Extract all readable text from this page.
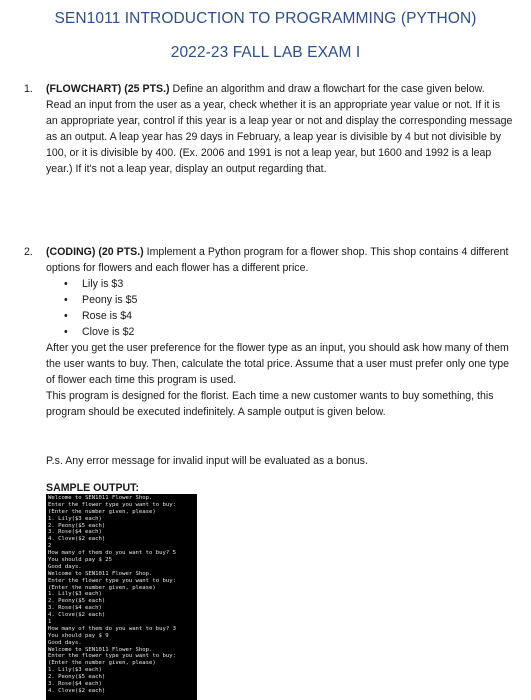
SEN1011 INTRODUCTION TO PROGRAMMING (PYTHON)
2022-23 FALL LAB EXAM I
1. (FLOWCHART) (25 PTS.) Define an algorithm and draw a flowchart for the case given below.

Read an input from the user as a year, check whether it is an appropriate year value or not. If it is an appropriate year, control if this year is a leap year or not and display the corresponding message as an output. A leap year has 29 days in February, a leap year is divisible by 4 but not divisible by 100, or it is divisible by 400. (Ex. 2006 and 1991 is not a leap year, but 1600 and 1992 is a leap year.) If it's not a leap year, display an output regarding that.

2. (CODING) (20 PTS.) Implement a Python program for a flower shop. This shop contains 4 different options for flowers and each flower has a different price.

• Lily is $3
• Peony is $5
• Rose is $4
• Clove is $2

After you get the user preference for the flower type as an input, you should ask how many of them the user wants to buy. Then, calculate the total price. Assume that a user must prefer only one type of flower each time this program is used.

This program is designed for the florist. Each time a new customer wants to buy something, this program should be executed indefinitely. A sample output is given below.

P.s. Any error message for invalid input will be evaluated as a bonus.
SAMPLE OUTPUT:
Welcome to SEN1011 Flower Shop.
Enter the flower type you want to buy:
(Enter the number given, please)
1. Lily($3 each)
2. Peony($5 each)
3. Rose($4 each)
4. Clove($2 each)
2
How many of them do you want to buy? 5
You should pay $ 25
Good days.
Welcome to SEN1011 Flower Shop.
Enter the flower type you want to buy:
(Enter the number given, please)
1. Lily($3 each)
2. Peony($5 each)
3. Rose($4 each)
4. Clove($2 each)
1
How many of them do you want to buy? 3
You should pay $ 9
Good days.
Welcome to SEN1011 Flower Shop.
Enter the flower type you want to buy:
(Enter the number given, please)
1. Lily($3 each)
2. Peony($5 each)
3. Rose($4 each)
4. Clove($2 each)
